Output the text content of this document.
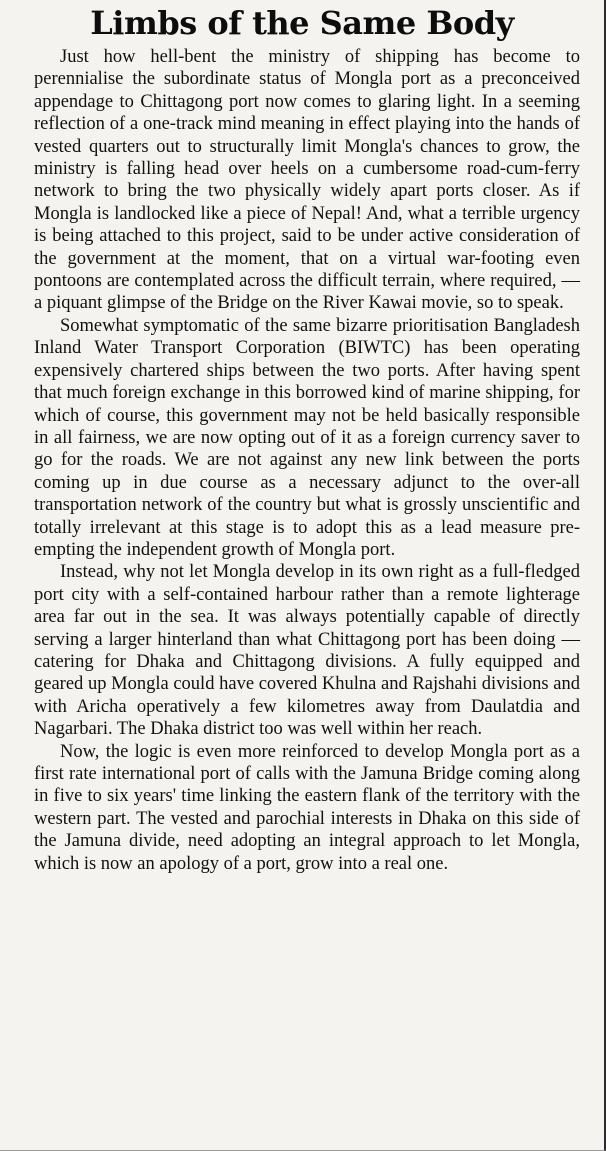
Limbs of the Same Body

Just how hell-bent the ministry of shipping has become to perennialise the subordinate status of Mongla port as a preconceived appendage to Chittagong port now comes to glaring light. In a seeming reflection of a one-track mind meaning in effect playing into the hands of vested quarters out to structurally limit Mongla's chances to grow, the ministry is falling head over heels on a cumbersome road-cum-ferry network to bring the two physically widely apart ports closer. As if Mongla is landlocked like a piece of Nepal! And, what a terrible urgency is being attached to this project, said to be under active consideration of the government at the moment, that on a virtual war-footing even pontoons are contemplated across the difficult terrain, where required, — a piquant glimpse of the Bridge on the River Kawai movie, so to speak.

Somewhat symptomatic of the same bizarre prioritisation Bangladesh Inland Water Transport Corporation (BIWTC) has been operating expensively chartered ships between the two ports. After having spent that much foreign exchange in this borrowed kind of marine shipping, for which of course, this government may not be held basically responsible in all fairness, we are now opting out of it as a foreign currency saver to go for the roads. We are not against any new link between the ports coming up in due course as a necessary adjunct to the over-all transportation network of the country but what is grossly unscientific and totally irrelevant at this stage is to adopt this as a lead measure pre-empting the independent growth of Mongla port.

Instead, why not let Mongla develop in its own right as a full-fledged port city with a self-contained harbour rather than a remote lighterage area far out in the sea. It was always potentially capable of directly serving a larger hinterland than what Chittagong port has been doing — catering for Dhaka and Chittagong divisions. A fully equipped and geared up Mongla could have covered Khulna and Rajshahi divisions and with Aricha operatively a few kilometres away from Daulatdia and Nagarbari. The Dhaka district too was well within her reach.

Now, the logic is even more reinforced to develop Mongla port as a first rate international port of calls with the Jamuna Bridge coming along in five to six years' time linking the eastern flank of the territory with the western part. The vested and parochial interests in Dhaka on this side of the Jamuna divide, need adopting an integral approach to let Mongla, which is now an apology of a port, grow into a real one.
